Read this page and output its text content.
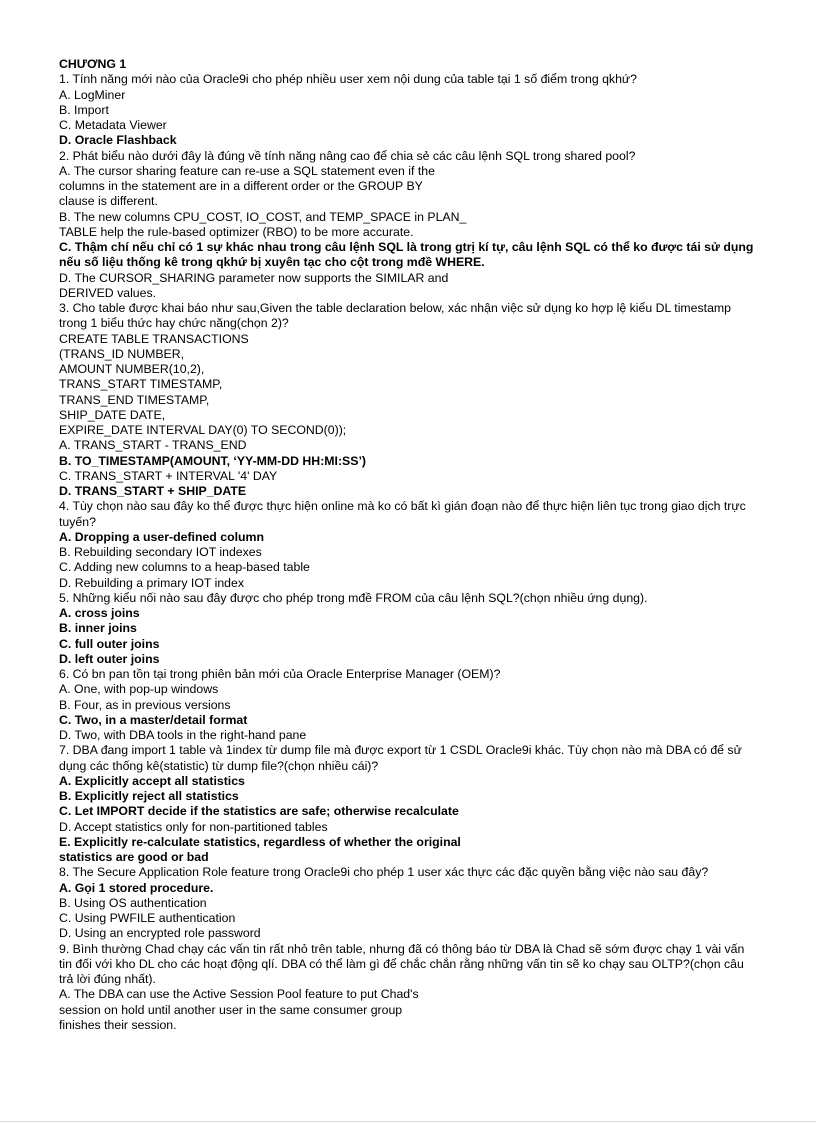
CHƯƠNG 1
1. Tính năng mới nào của Oracle9i cho phép nhiều user xem nội dung của table tại 1 số điểm trong qkhứ?
A. LogMiner
B. Import
C. Metadata Viewer
D. Oracle Flashback
2. Phát biểu nào dưới đây là đúng về tính năng nâng cao để chia sẻ các câu lệnh SQL trong shared pool?
A. The cursor sharing feature can re-use a SQL statement even if the
columns in the statement are in a different order or the GROUP BY
clause is different.
B. The new columns CPU_COST, IO_COST, and TEMP_SPACE in PLAN_
TABLE help the rule-based optimizer (RBO) to be more accurate.
C. Thậm chí nếu chỉ có 1 sự khác nhau trong câu lệnh SQL là trong gtrị kí tự, câu lệnh SQL có thể ko được tái sử dụng nếu số liệu thống kê trong qkhứ bị xuyên tạc cho cột trong mđề WHERE.
D. The CURSOR_SHARING parameter now supports the SIMILAR and
DERIVED values.
3. Cho table được khai báo như sau,Given the table declaration below, xác nhận việc sử dụng ko hợp lệ kiểu DL timestamp trong 1 biểu thức hay chức năng(chọn 2)?
CREATE TABLE TRANSACTIONS
(TRANS_ID NUMBER,
AMOUNT NUMBER(10,2),
TRANS_START TIMESTAMP,
TRANS_END TIMESTAMP,
SHIP_DATE DATE,
EXPIRE_DATE INTERVAL DAY(0) TO SECOND(0));
A. TRANS_START - TRANS_END
B. TO_TIMESTAMP(AMOUNT, ‘YY-MM-DD HH:MI:SS’)
C. TRANS_START + INTERVAL '4' DAY
D. TRANS_START + SHIP_DATE
4. Tùy chọn nào sau đây ko thể được thực hiện online mà ko có bất kì gián đoạn nào để thực hiện liên tục trong giao dịch trực tuyến?
A. Dropping a user-defined column
B. Rebuilding secondary IOT indexes
C. Adding new columns to a heap-based table
D. Rebuilding a primary IOT index
5. Những kiểu nối nào sau đây được cho phép trong mđề FROM của câu lệnh SQL?(chọn nhiều ứng dụng).
A. cross joins
B. inner joins
C. full outer joins
D. left outer joins
6. Có bn pan tồn tại trong phiên bản mới của Oracle Enterprise Manager (OEM)?
A. One, with pop-up windows
B. Four, as in previous versions
C. Two, in a master/detail format
D. Two, with DBA tools in the right-hand pane
7. DBA đang import 1 table và 1index từ dump file mà được export từ 1 CSDL Oracle9i khác. Tùy chọn nào mà DBA có để sử dụng các thống kê(statistic) từ dump file?(chọn nhiều cái)?
A. Explicitly accept all statistics
B. Explicitly reject all statistics
C. Let IMPORT decide if the statistics are safe; otherwise recalculate
D. Accept statistics only for non-partitioned tables
E. Explicitly re-calculate statistics, regardless of whether the original
statistics are good or bad
8. The Secure Application Role feature trong Oracle9i cho phép 1 user xác thực các đặc quyền bằng việc nào sau đây?
A. Gọi 1 stored procedure.
B. Using OS authentication
C. Using PWFILE authentication
D. Using an encrypted role password
9. Bình thường Chad chạy các vấn tin rất nhỏ trên table, nhưng đã có thông báo từ DBA là Chad sẽ sớm được chạy 1 vài vấn tin đối với kho DL cho các hoạt động qlí. DBA có thể làm gì để chắc chắn rằng những vấn tin sẽ ko chạy sau OLTP?(chọn câu trả lời đúng nhất).
A. The DBA can use the Active Session Pool feature to put Chad's
session on hold until another user in the same consumer group
finishes their session.
